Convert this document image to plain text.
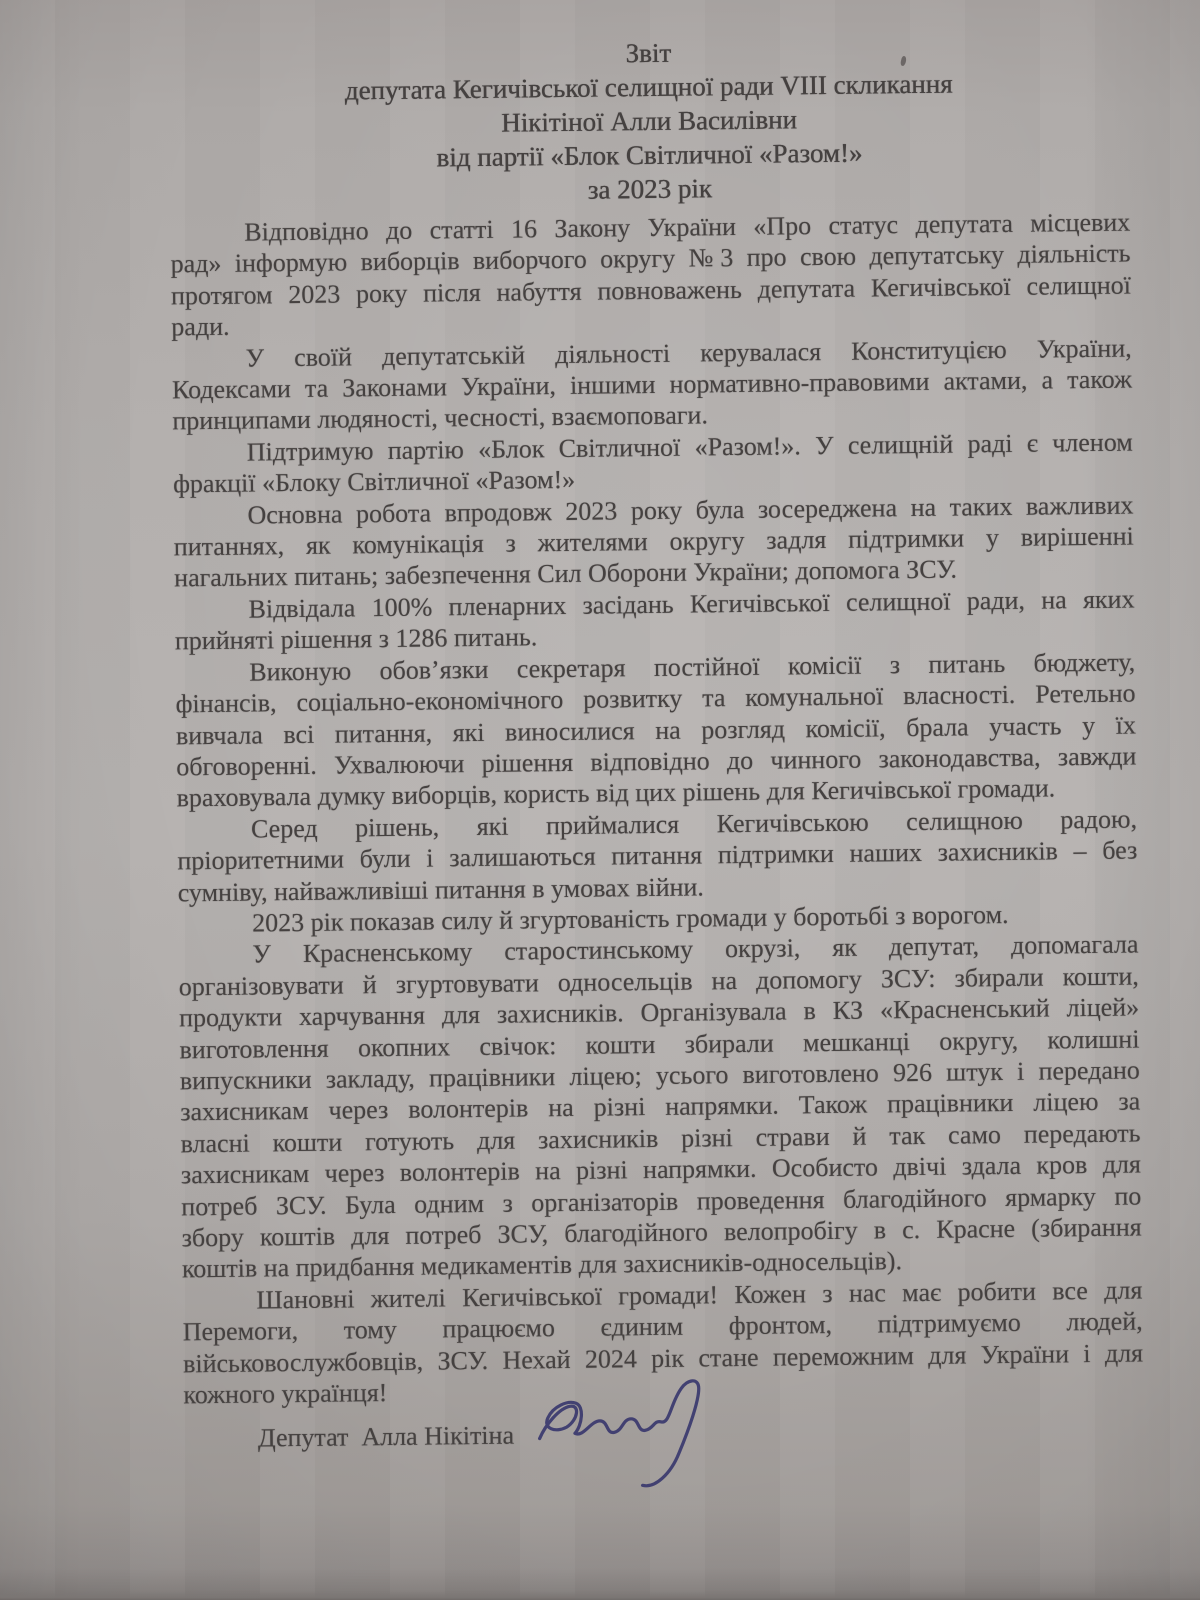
Звіт
депутата Кегичівської селищної ради VIII скликання
Нікітіної Алли Василівни
від партії «Блок Світличної «Разом!»
за 2023 рік
Відповідно до статті 16 Закону України «Про статус депутата місцевих
рад» інформую виборців виборчого округу №3 про свою депутатську діяльність
протягом 2023 року після набуття повноважень депутата Кегичівської селищної
ради.
У своїй депутатській діяльності керувалася Конституцією України,
Кодексами та Законами України, іншими нормативно-правовими актами, а також
принципами людяності, чесності, взаємоповаги.
Підтримую партію «Блок Світличної «Разом!». У селищній раді є членом
фракції «Блоку Світличної «Разом!»
Основна робота впродовж 2023 року була зосереджена на таких важливих
питаннях, як комунікація з жителями округу задля підтримки у вирішенні
нагальних питань; забезпечення Сил Оборони України; допомога ЗСУ.
Відвідала 100% пленарних засідань Кегичівської селищної ради, на яких
прийняті рішення з 1286 питань.
Виконую обов’язки секретаря постійної комісії з питань бюджету,
фінансів, соціально-економічного розвитку та комунальної власності. Ретельно
вивчала всі питання, які виносилися на розгляд комісії, брала участь у їх
обговоренні. Ухвалюючи рішення відповідно до чинного законодавства, завжди
враховувала думку виборців, користь від цих рішень для Кегичівської громади.
Серед рішень, які приймалися Кегичівською селищною радою,
пріоритетними були і залишаються питання підтримки наших захисників – без
сумніву, найважливіші питання в умовах війни.
2023 рік показав силу й згуртованість громади у боротьбі з ворогом.
У Красненському старостинському окрузі, як депутат, допомагала
організовувати й згуртовувати односельців на допомогу ЗСУ: збирали кошти,
продукти харчування для захисників. Організувала в КЗ «Красненський ліцей»
виготовлення окопних свічок: кошти збирали мешканці округу, колишні
випускники закладу, працівники ліцею; усього виготовлено 926 штук і передано
захисникам через волонтерів на різні напрямки. Також працівники ліцею за
власні кошти готують для захисників різні страви й так само передають
захисникам через волонтерів на різні напрямки. Особисто двічі здала кров для
потреб ЗСУ. Була одним з організаторів проведення благодійного ярмарку по
збору коштів для потреб ЗСУ, благодійного велопробігу в с. Красне (збирання
коштів на придбання медикаментів для захисників-односельців).
Шановні жителі Кегичівської громади! Кожен з нас має робити все для
Перемоги, тому працюємо єдиним фронтом, підтримуємо людей,
військовослужбовців, ЗСУ. Нехай 2024 рік стане переможним для України і для
кожного українця!
Депутат  Алла Нікітіна
